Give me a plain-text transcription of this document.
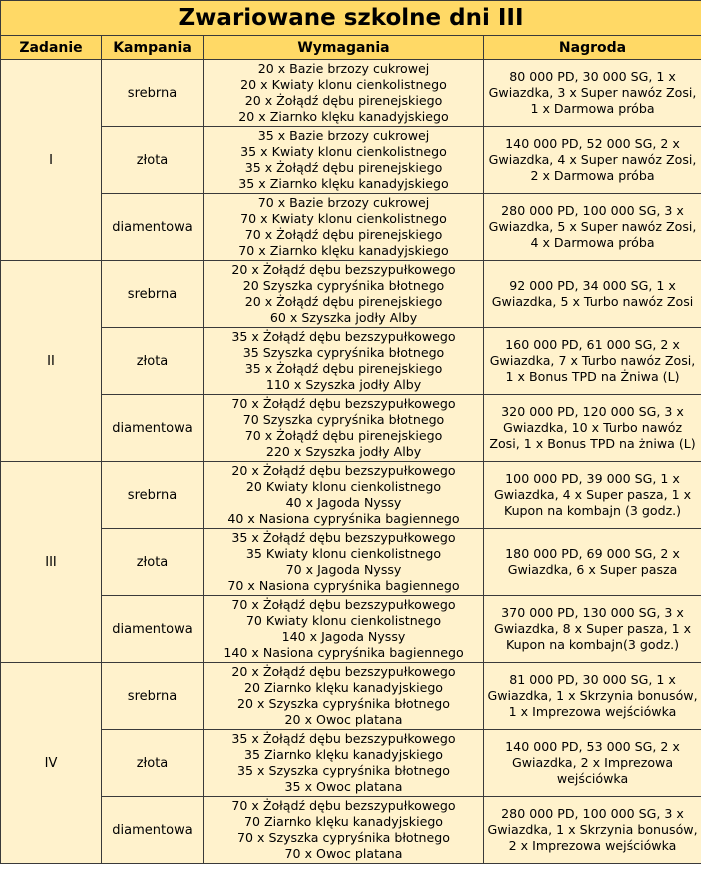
Zwariowane szkolne dni III			
Zadanie	Kampania	Wymagania	Nagroda
I	srebrna	20 x Bazie brzozy cukrowej
20 x Kwiaty klonu cienkolistnego
20 x Żołądź dębu pirenejskiego
20 x Ziarnko klęku kanadyjskiego	80 000 PD, 30 000 SG, 1 x Gwiazdka, 3 x Super nawóz Zosi, 1 x Darmowa próba
	złota	35 x Bazie brzozy cukrowej
35 x Kwiaty klonu cienkolistnego
35 x Żołądź dębu pirenejskiego
35 x Ziarnko klęku kanadyjskiego	140 000 PD, 52 000 SG, 2 x Gwiazdka, 4 x Super nawóz Zosi, 2 x Darmowa próba
	diamentowa	70 x Bazie brzozy cukrowej
70 x Kwiaty klonu cienkolistnego
70 x Żołądź dębu pirenejskiego
70 x Ziarnko klęku kanadyjskiego	280 000 PD, 100 000 SG, 3 x Gwiazdka, 5 x Super nawóz Zosi, 4 x Darmowa próba
II	srebrna	20 x Żołądź dębu bezszypułkowego
20 Szyszka cypryśnika błotnego
20 x Żołądź dębu pirenejskiego
60 x Szyszka jodły Alby	92 000 PD, 34 000 SG, 1 x Gwiazdka, 5 x Turbo nawóz Zosi
	złota	35 x Żołądź dębu bezszypułkowego
35 Szyszka cypryśnika błotnego
35 x Żołądź dębu pirenejskiego
110 x Szyszka jodły Alby	160 000 PD, 61 000 SG, 2 x Gwiazdka, 7 x Turbo nawóz Zosi, 1 x Bonus TPD na Żniwa (L)
	diamentowa	70 x Żołądź dębu bezszypułkowego
70 Szyszka cypryśnika błotnego
70 x Żołądź dębu pirenejskiego
220 x Szyszka jodły Alby	320 000 PD, 120 000 SG, 3 x Gwiazdka, 10 x Turbo nawóz Zosi, 1 x Bonus TPD na żniwa (L)
III	srebrna	20 x Żołądź dębu bezszypułkowego
20 Kwiaty klonu cienkolistnego
40 x Jagoda Nyssy
40 x Nasiona cypryśnika bagiennego	100 000 PD, 39 000 SG, 1 x Gwiazdka, 4 x Super pasza, 1 x Kupon na kombajn (3 godz.)
	złota	35 x Żołądź dębu bezszypułkowego
35 Kwiaty klonu cienkolistnego
70 x Jagoda Nyssy
70 x Nasiona cypryśnika bagiennego	180 000 PD, 69 000 SG, 2 x Gwiazdka, 6 x Super pasza
	diamentowa	70 x Żołądź dębu bezszypułkowego
70 Kwiaty klonu cienkolistnego
140 x Jagoda Nyssy
140 x Nasiona cypryśnika bagiennego	370 000 PD, 130 000 SG, 3 x Gwiazdka, 8 x Super pasza, 1 x Kupon na kombajn(3 godz.)
IV	srebrna	20 x Żołądź dębu bezszypułkowego
20 Ziarnko klęku kanadyjskiego
20 x Szyszka cypryśnika błotnego
20 x Owoc platana	81 000 PD, 30 000 SG, 1 x Gwiazdka, 1 x Skrzynia bonusów, 1 x Imprezowa wejściówka
	złota	35 x Żołądź dębu bezszypułkowego
35 Ziarnko klęku kanadyjskiego
35 x Szyszka cypryśnika błotnego
35 x Owoc platana	140 000 PD, 53 000 SG, 2 x Gwiazdka, 2 x Imprezowa wejściówka
	diamentowa	70 x Żołądź dębu bezszypułkowego
70 Ziarnko klęku kanadyjskiego
70 x Szyszka cypryśnika błotnego
70 x Owoc platana	280 000 PD, 100 000 SG, 3 x Gwiazdka, 1 x Skrzynia bonusów, 2 x Imprezowa wejściówka
